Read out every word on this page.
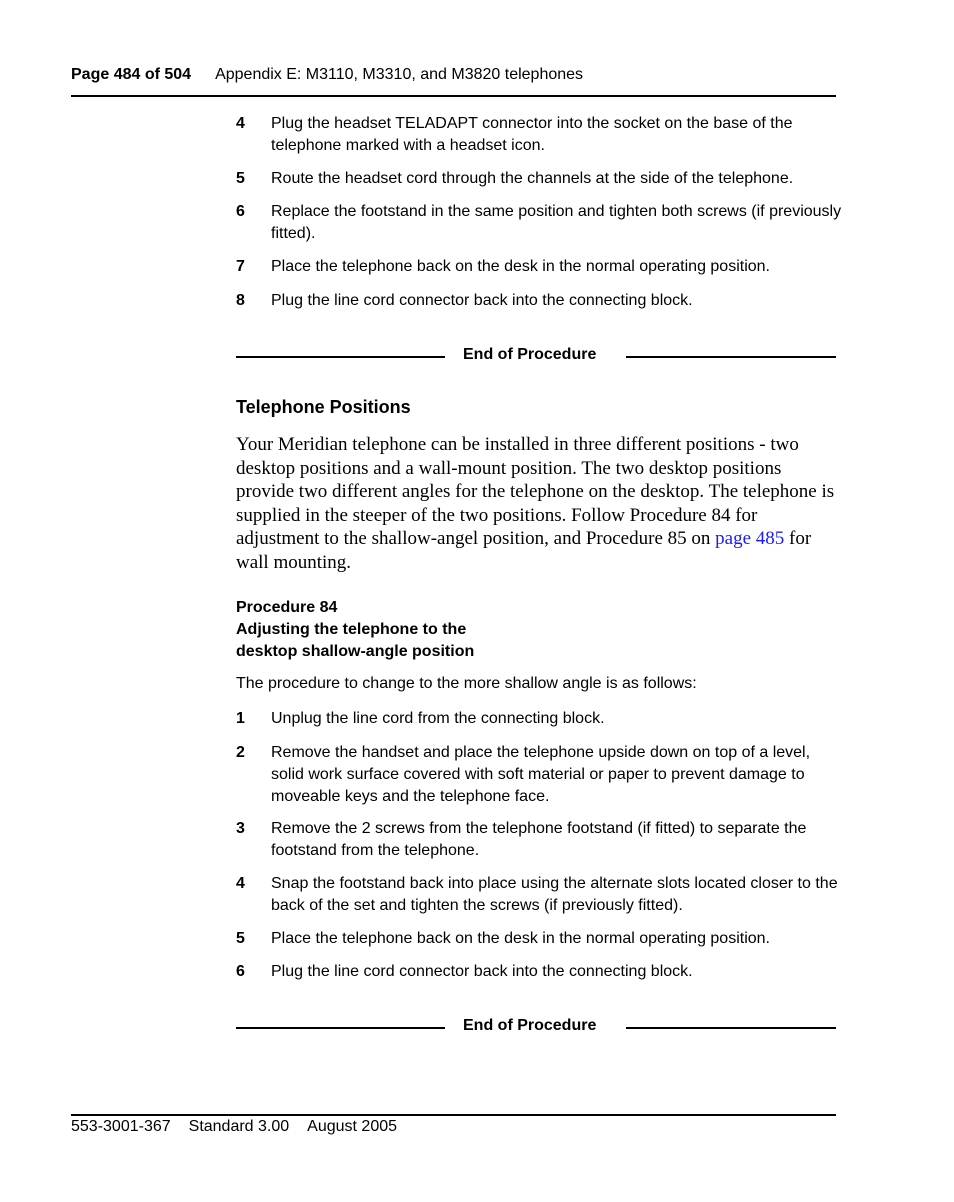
Page 484 of 504 Appendix E: M3110, M3310, and M3820 telephones
4 Plug the headset TELADAPT connector into the socket on the base of the telephone marked with a headset icon.
5 Route the headset cord through the channels at the side of the telephone.
6 Replace the footstand in the same position and tighten both screws (if previously fitted).
7 Place the telephone back on the desk in the normal operating position.
8 Plug the line cord connector back into the connecting block.
End of Procedure
Telephone Positions
Your Meridian telephone can be installed in three different positions - two desktop positions and a wall-mount position. The two desktop positions provide two different angles for the telephone on the desktop. The telephone is supplied in the steeper of the two positions. Follow Procedure 84 for adjustment to the shallow-angel position, and Procedure 85 on page 485 for wall mounting.
Procedure 84
Adjusting the telephone to the
desktop shallow-angle position
The procedure to change to the more shallow angle is as follows:
1 Unplug the line cord from the connecting block.
2 Remove the handset and place the telephone upside down on top of a level, solid work surface covered with soft material or paper to prevent damage to moveable keys and the telephone face.
3 Remove the 2 screws from the telephone footstand (if fitted) to separate the footstand from the telephone.
4 Snap the footstand back into place using the alternate slots located closer to the back of the set and tighten the screws (if previously fitted).
5 Place the telephone back on the desk in the normal operating position.
6 Plug the line cord connector back into the connecting block.
End of Procedure
553-3001-367 Standard 3.00 August 2005
